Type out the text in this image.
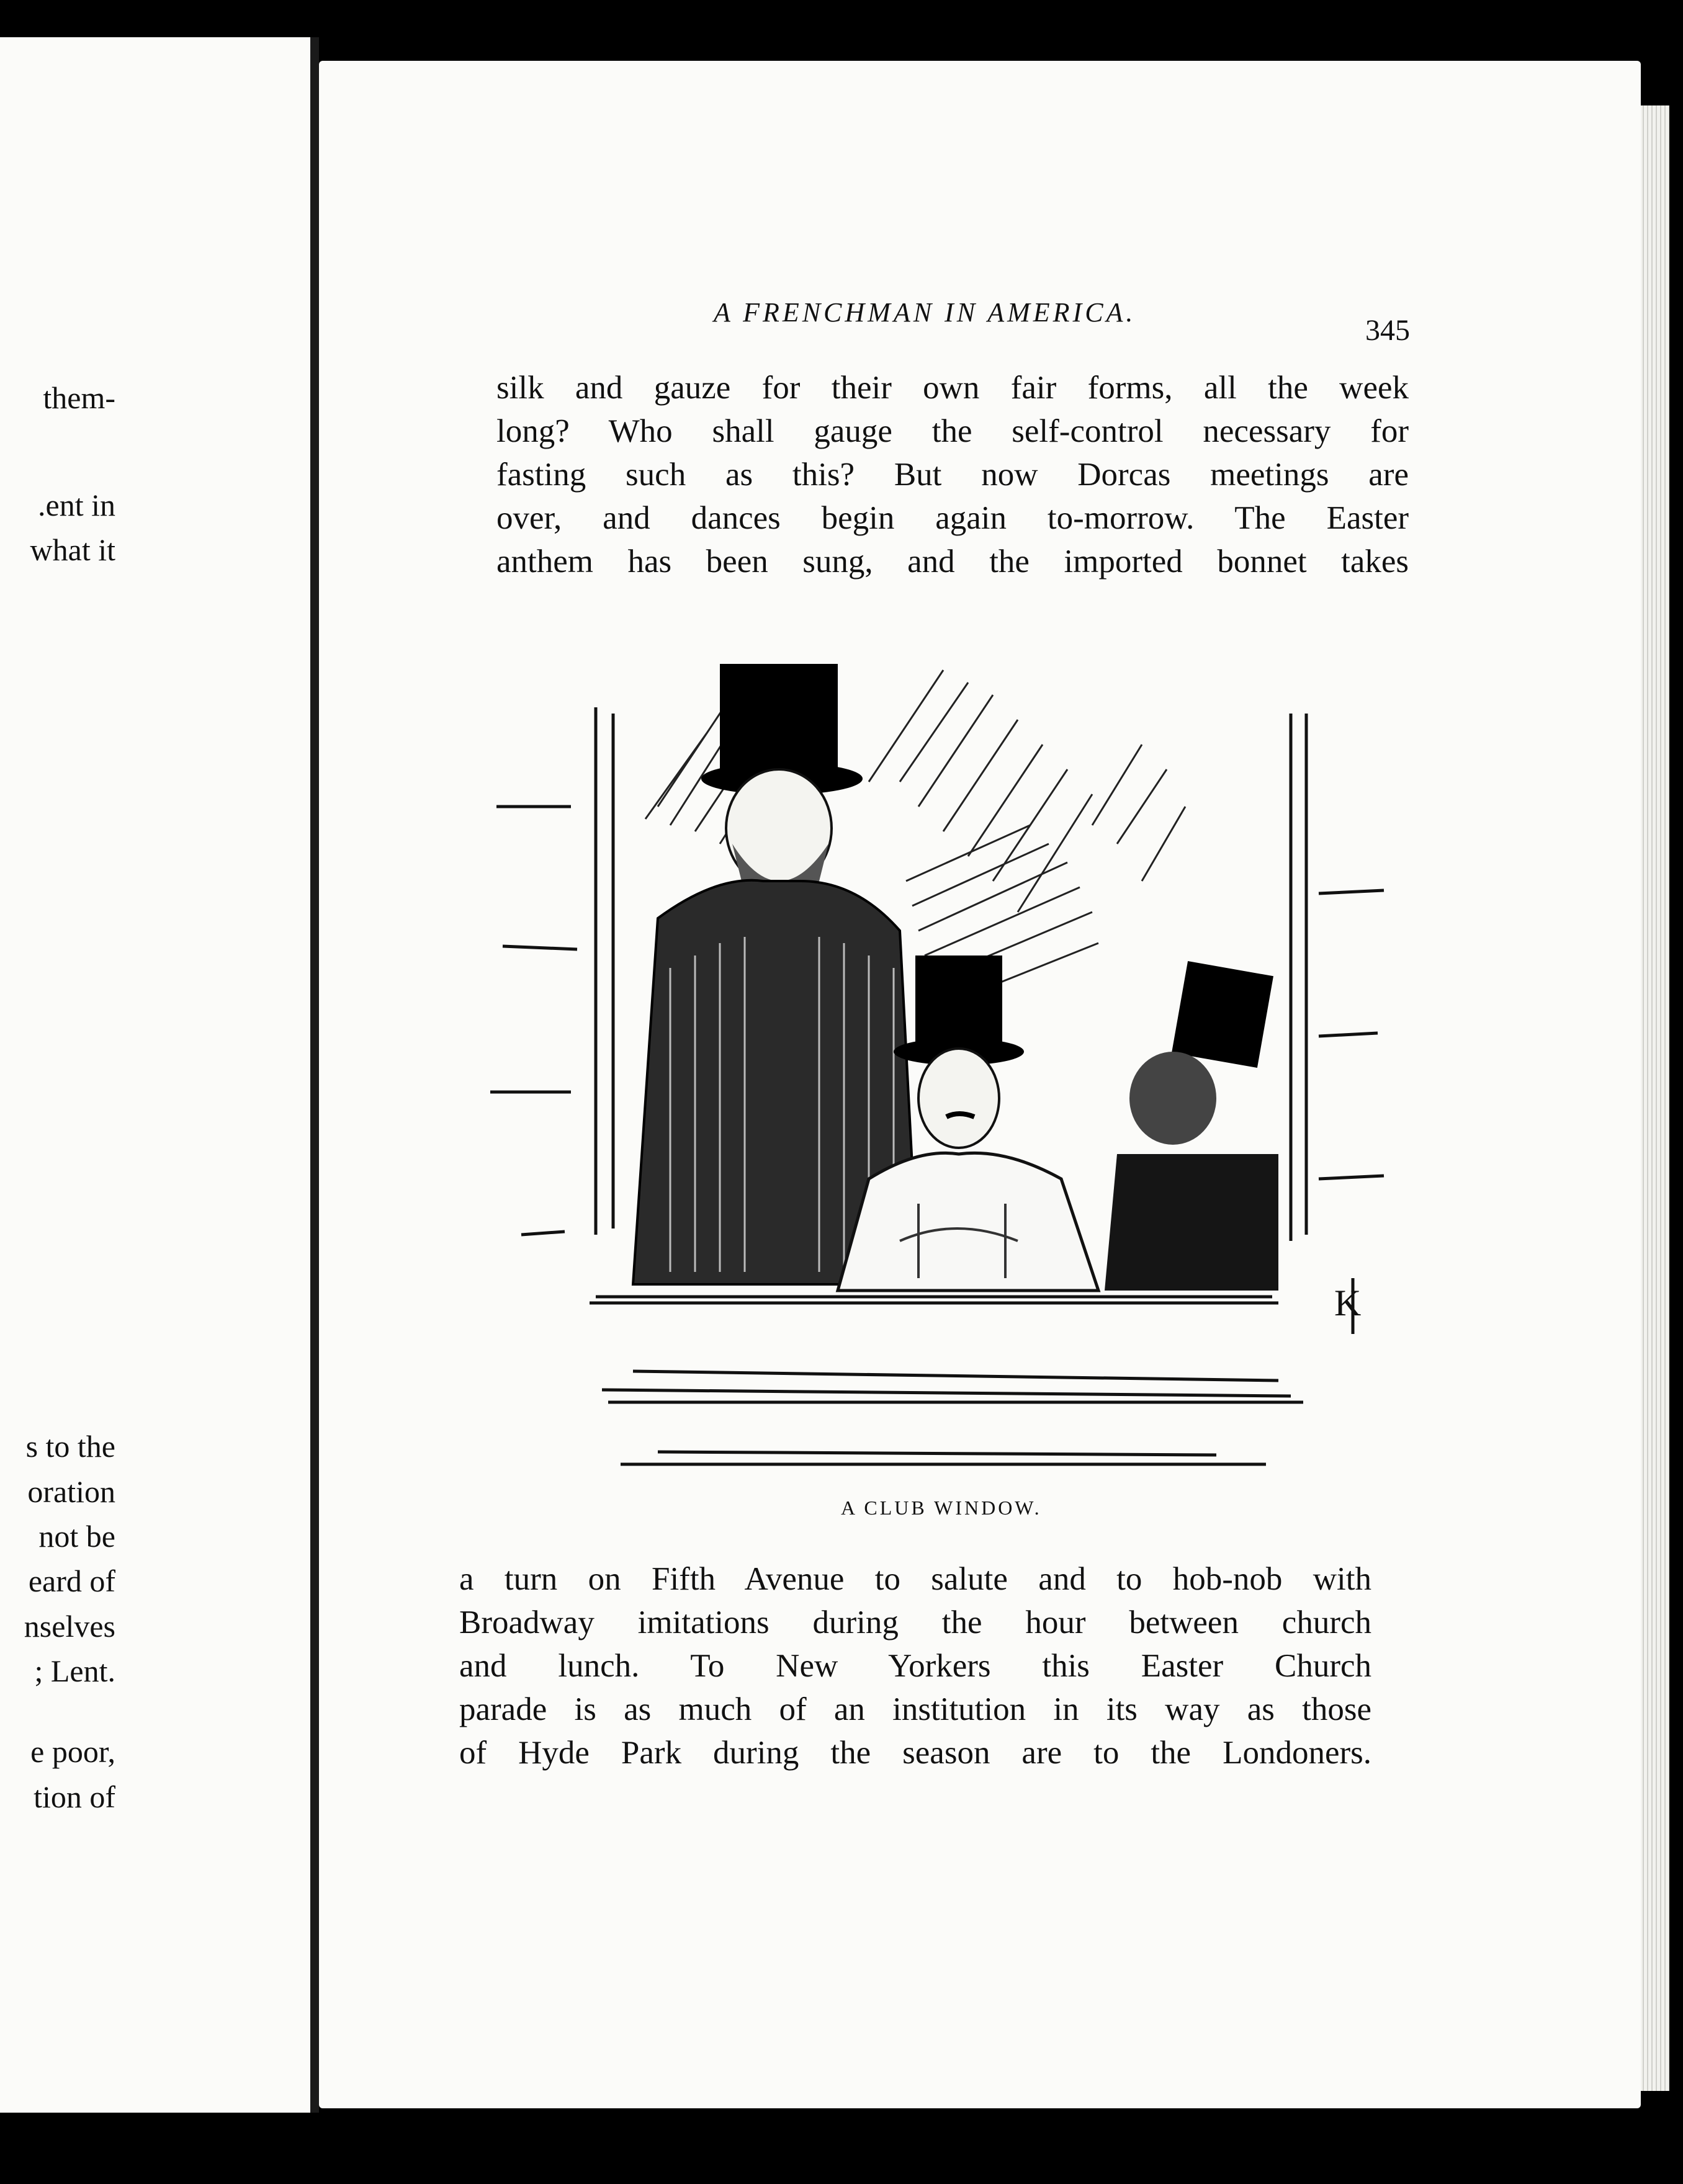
them-
.ent in
what it
s to the
oration
not be
eard of
nselves
; Lent.
e poor,
tion of
A FRENCHMAN IN AMERICA.
345
silk and gauze for their own fair forms, all the week
long? Who shall gauge the self-control necessary for
fasting such as this? But now Dorcas meetings are
over, and dances begin again to-morrow. The Easter
anthem has been sung, and the imported bonnet takes
K
A CLUB WINDOW.
a turn on Fifth Avenue to salute and to hob-nob with
Broadway imitations during the hour between church
and lunch. To New Yorkers this Easter Church
parade is as much of an institution in its way as those
of Hyde Park during the season are to the Londoners.
